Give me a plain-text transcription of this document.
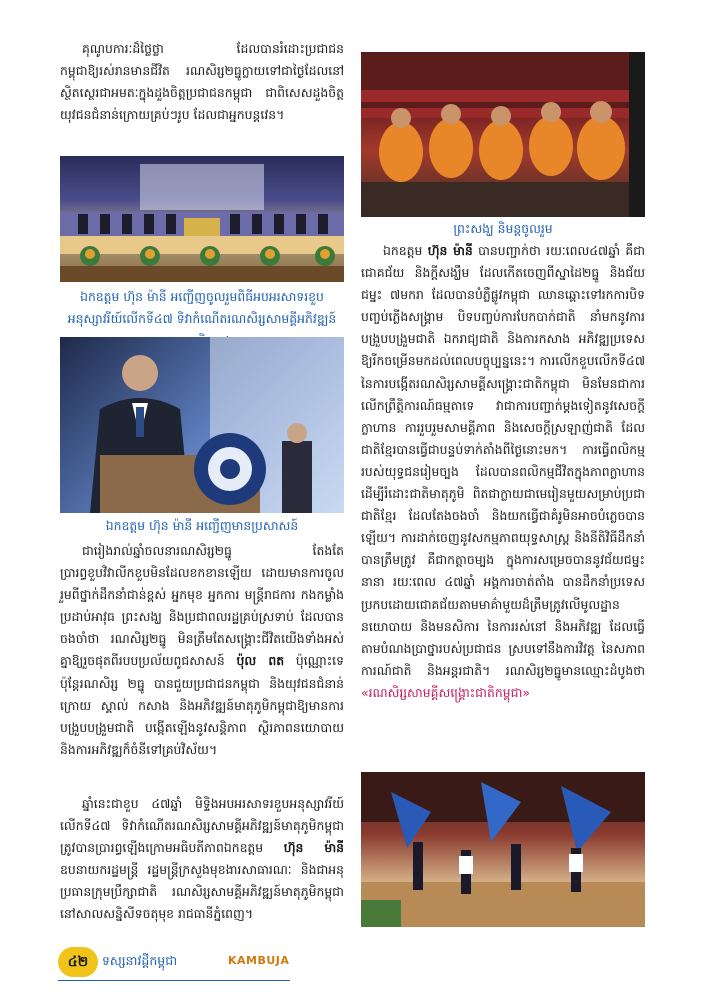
គុណូបការៈដ៏ថ្លៃថ្លា ដែលបានរំដោះប្រជាជនកម្ពុជាឱ្យរស់រានមានជីវិត រណសិរ្ស២ធ្នូក្លាយទៅជាថ្ងៃដែលនៅស្ថិតស្ថេរជាអមតៈក្នុងដួងចិត្តប្រជាជនកម្ពុជា ជាពិសេសដួងចិត្តយុវជនជំនាន់ក្រោយគ្រប់ៗរូប ដែលជាអ្នកបន្តវេន។

ឯកឧត្តម ហ៊ុន ម៉ានី អញ្ជើញចូលរួមពិធីអបអរសាទរខួបអនុស្សាវរីយ៍លើកទី៤៧ ទិវាកំណើតរណសិរ្សសាមគ្គីអភិវឌ្ឍន៍

ឯកឧត្តម ហ៊ុន ម៉ានី អញ្ជើញមានប្រសាសន៍

ជារៀងរាល់ឆ្នាំចលនារណសិរ្ស២ធ្នូ តែងតែប្រារព្ធខួបវិវាលីកខួបមិនដែលខកខានឡើយ ដោយមានការចូលរួមពីថ្នាក់ដឹកនាំជាន់ខ្ពស់ អ្នកមុខ អ្នកការ មន្ត្រីរាជការ កងកម្លាំងប្រដាប់អាវុធ ព្រះសង្ឃ និងប្រជាពលរដ្ឋគ្រប់ស្រទាប់ ដែលបានចងចាំថា រណសិរ្ស២ធ្នូ មិនត្រឹមតែសង្គ្រោះជីវិតយើងទាំងអស់គ្នាឱ្យរួចផុតពីរបបប្រល័យពូជសាសន៍ ប៉ុល ពត ប៉ុណ្ណោះទេ ប៉ុន្តែរណសិរ្ស ២ធ្នូ បានជួយប្រជាជនកម្ពុជា និងយុវជនជំនាន់ក្រោយ ស្គាល់ កសាង និងអភិវឌ្ឍន៍មាតុភូមិកម្ពុជាឱ្យមានការបង្រួបបង្រួមជាតិ បង្កើតឡើងនូវសន្តិភាព ស្ថិរភាពនយោបាយ និងការអភិវឌ្ឍក៏ចំនីទៅគ្រប់វិស័យ។

ឆ្នាំនេះជាខួប ៤៧ឆ្នាំ មិទ្ទិងអបអរសាទរខួបអនុស្សាវរីយ៍លើកទី៤៧ ទិវាកំណើតរណសិរ្សសាមគ្គីអភិវឌ្ឍន៍មាតុភូមិកម្ពុជាត្រូវបានប្រារព្ធឡើងក្រោមអធិបតីភាពឯកឧត្តម ហ៊ុន ម៉ានី ឧបនាយករដ្ឋមន្ត្រី រដ្ឋមន្ត្រីក្រសួងមុខងារសាធារណៈ និងជាអនុប្រធានក្រុមប្រឹក្សាជាតិ រណសិរ្សសាមគ្គីអភិវឌ្ឍន៍មាតុភូមិកម្ពុជា នៅសាលសន្និសីទចតុមុខ រាជធានីភ្នំពេញ។

ព្រះសង្ឃ និមន្តចូលរួម

ឯកឧត្តម ហ៊ុន ម៉ានី បានបញ្ជាក់ថា រយៈពេល៤៧ឆ្នាំ គឺជាជោគជ័យ និងក្តីសង្ឃឹម ដែលកើតចេញពីស្នាដៃ២ធ្នូ និងជ័យជម្នះ ៧មករា ដែលបានបំភ្លឺផ្លូវកម្ពុជា ឈានឆ្ពោះទៅរកការបិទបញ្ចប់ភ្លើងសង្គ្រាម បិទបញ្ចប់ការបែកបាក់ជាតិ នាំមកនូវការបង្រួបបង្រួមជាតិ ឯករាជ្យជាតិ និងការកសាង អភិវឌ្ឍប្រទេស ឱ្យរីកចម្រើនមកដល់ពេលបច្ចុប្បន្ននេះ។ ការលើកខួបលើកទី៤៧ នៃការបង្កើតរណសិរ្សសាមគ្គីសង្គ្រោះជាតិកម្ពុជា មិនមែនជាការលើកព្រឹត្តិការណ៍ធម្មតាទេ វាជាការបញ្ជាក់ម្តងទៀតនូវសេចក្តីក្លាហាន ការរួបរួមសាមគ្គីភាព និងសេចក្តីស្រឡាញ់ជាតិ ដែលជាតិខ្មែរបានធ្វើជាបន្ទប់ទាក់តាំងពីថ្ងៃនោះមក។ ការធ្វើពលិកម្មរបស់យុទ្ធជនរៀមច្បង ដែលបានពលិកម្មជីវិតក្នុងភាពក្លាហាន ដើម្បីរំដោះជាតិមាតុភូមិ ពិតជាក្លាយជាមេរៀនមួយសម្រាប់ប្រជាជាតិខ្មែរ ដែលតែងចងចាំ និងយកធ្វើជាគំរូមិនអាចបំភ្លេចបានឡើយ។ ការដាក់ចេញនូវសកម្មភាពយុទ្ធសាស្ត្រ និងនីតិវិធីដឹកនាំបានត្រឹមត្រូវ គឺជាកត្តាចម្បង ក្នុងការសម្រេចបាននូវជ័យជម្នះនានា រយៈពេល ៤៧ឆ្នាំ អង្គការចាត់តាំង បានដឹកនាំប្រទេស ប្រកបដោយជោគជ័យតាមមាគ៌ាមួយដ៏ត្រឹមត្រូវលើមូលដ្ឋាននយោបាយ និងមនសិការ នៃការរស់នៅ និងអភិវឌ្ឍ ដែលធ្វើតាមបំណងប្រាថ្នារបស់ប្រជាជន ស្របទៅនឹងការវិវត្ត នៃសភាពការណ៍ជាតិ និងអន្តរជាតិ។ រណសិរ្ស២ធ្នូមានឈ្មោះដំបូងថា «រណសិរ្សសាមគ្គីសង្គ្រោះជាតិកម្ពុជា»

៤២	ទស្សនាវដ្តីកម្ពុជា	KAMBUJA
